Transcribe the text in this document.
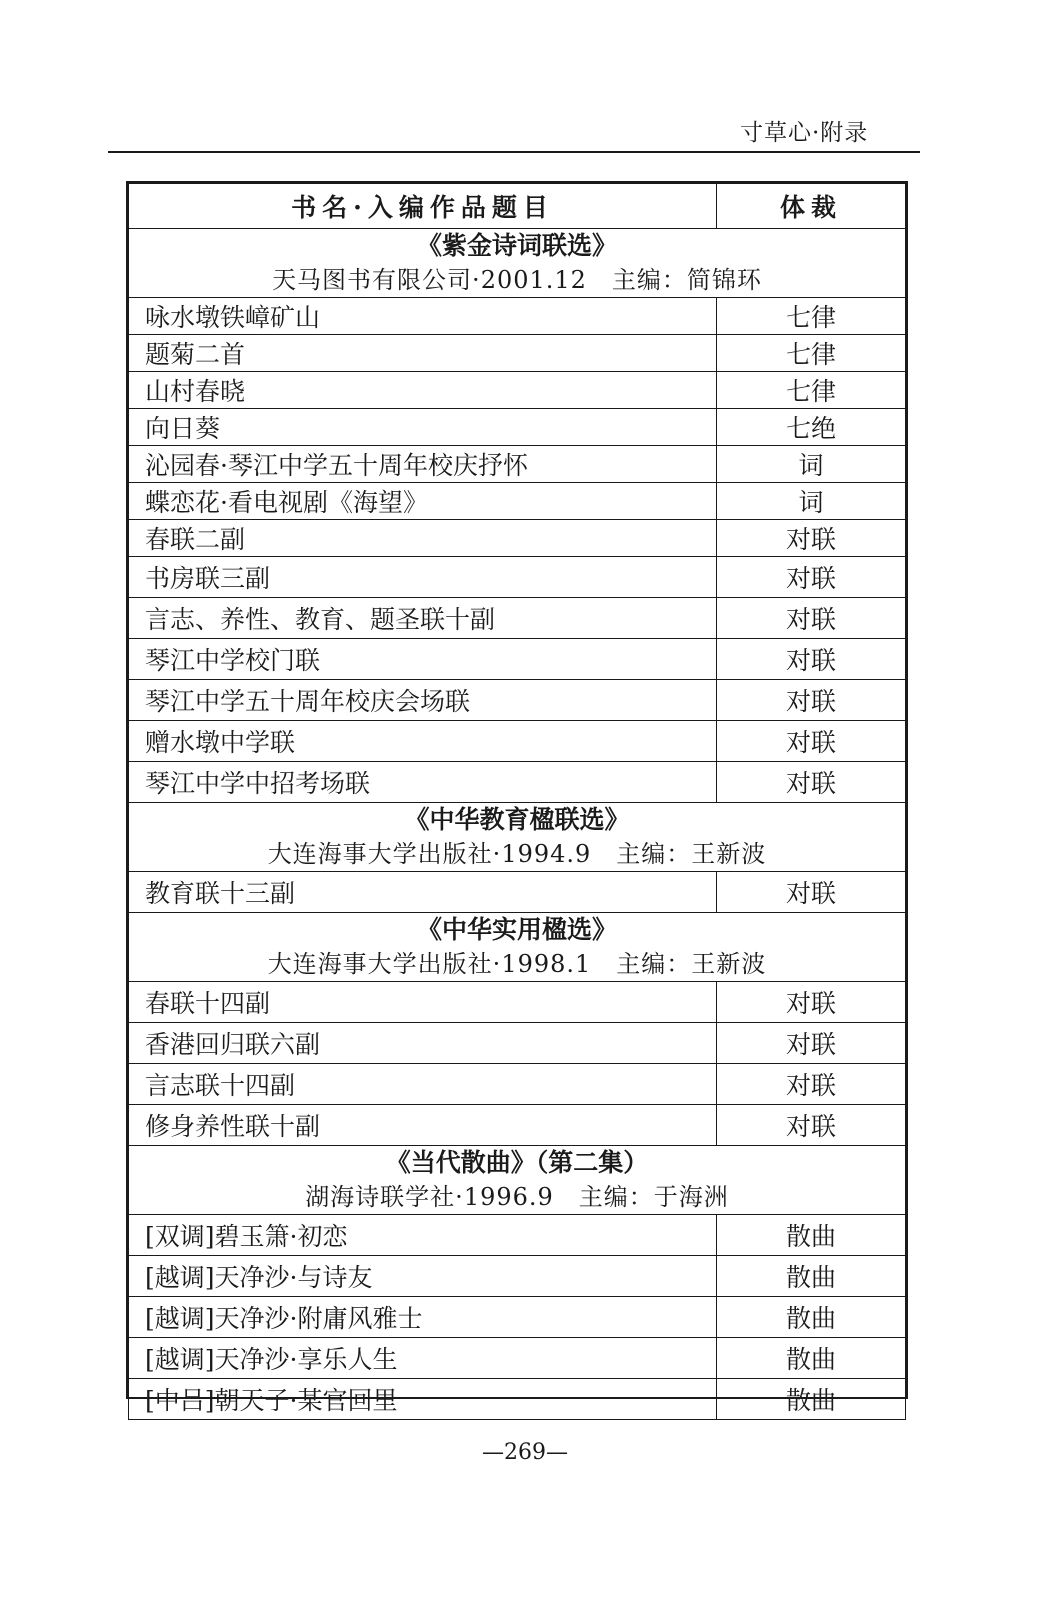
寸草心·附录
书名·入编作品题目	体裁

《紫金诗词联选》
天马图书有限公司·2001.12　主编：简锦环	

咏水墩铁嶂矿山	七律
题菊二首	七律
山村春晓	七律
向日葵	七绝
沁园春·琴江中学五十周年校庆抒怀	词
蝶恋花·看电视剧《海望》	词
春联二副	对联
书房联三副	对联
言志、养性、教育、题圣联十副	对联
琴江中学校门联	对联
琴江中学五十周年校庆会场联	对联
赠水墩中学联	对联
琴江中学中招考场联	对联

《中华教育楹联选》
大连海事大学出版社·1994.9　主编：王新波	

教育联十三副	对联

《中华实用楹选》
大连海事大学出版社·1998.1　主编：王新波	

春联十四副	对联
香港回归联六副	对联
言志联十四副	对联
修身养性联十副	对联

《当代散曲》（第二集）
湖海诗联学社·1996.9　主编：于海洲	

[双调]碧玉箫·初恋	散曲
[越调]天净沙·与诗友	散曲
[越调]天净沙·附庸风雅士	散曲
[越调]天净沙·享乐人生	散曲
[中吕]朝天子·某官回里	散曲
—269—
